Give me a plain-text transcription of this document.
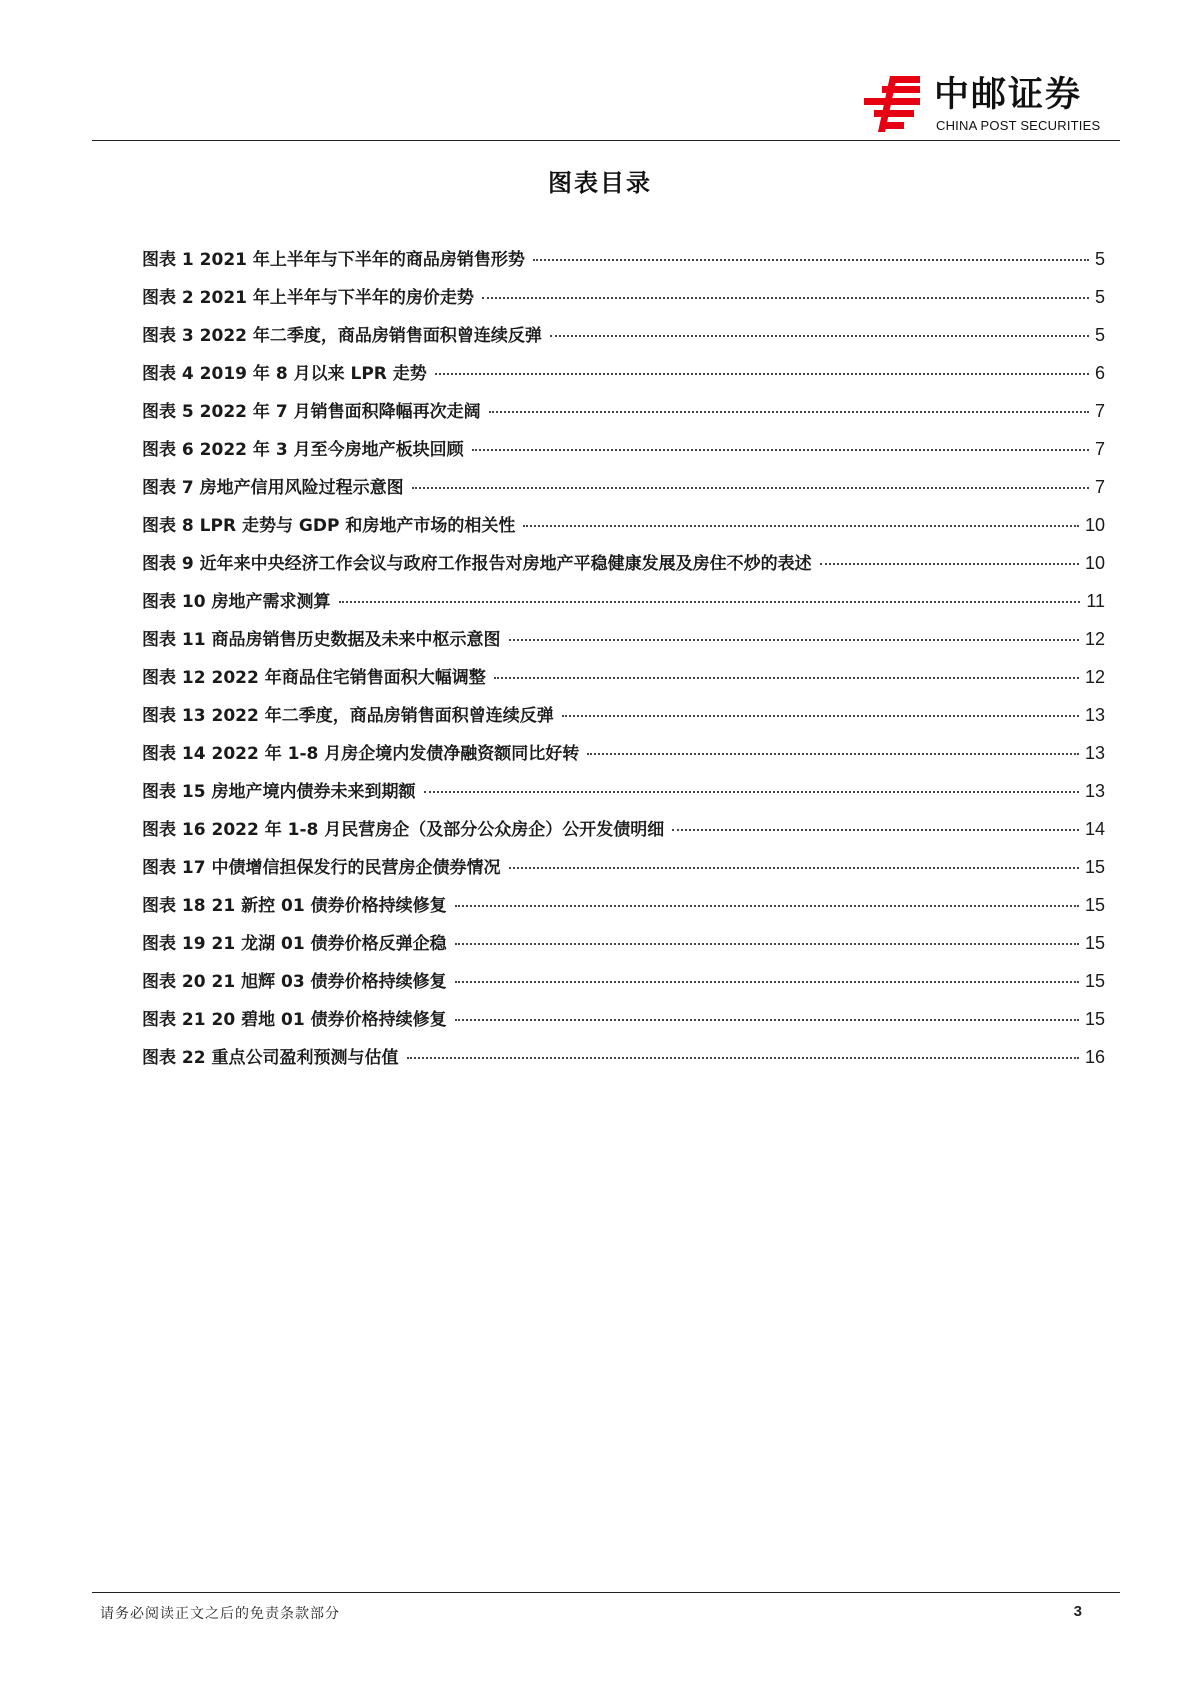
中邮证券
CHINA POST SECURITIES
图表目录
图表 1 2021 年上半年与下半年的商品房销售形势	5
图表 2 2021 年上半年与下半年的房价走势	5
图表 3 2022 年二季度，商品房销售面积曾连续反弹	5
图表 4 2019 年 8 月以来 LPR 走势	6
图表 5 2022 年 7 月销售面积降幅再次走阔	7
图表 6 2022 年 3 月至今房地产板块回顾	7
图表 7 房地产信用风险过程示意图	7
图表 8 LPR 走势与 GDP 和房地产市场的相关性	10
图表 9 近年来中央经济工作会议与政府工作报告对房地产平稳健康发展及房住不炒的表述	10
图表 10 房地产需求测算	11
图表 11 商品房销售历史数据及未来中枢示意图	12
图表 12 2022 年商品住宅销售面积大幅调整	12
图表 13 2022 年二季度，商品房销售面积曾连续反弹	13
图表 14 2022 年 1-8 月房企境内发债净融资额同比好转	13
图表 15 房地产境内债券未来到期额	13
图表 16 2022 年 1-8 月民营房企（及部分公众房企）公开发债明细	14
图表 17 中债增信担保发行的民营房企债券情况	15
图表 18 21 新控 01 债券价格持续修复	15
图表 19 21 龙湖 01 债券价格反弹企稳	15
图表 20 21 旭辉 03 债券价格持续修复	15
图表 21 20 碧地 01 债券价格持续修复	15
图表 22 重点公司盈利预测与估值	16
请务必阅读正文之后的免责条款部分	3
